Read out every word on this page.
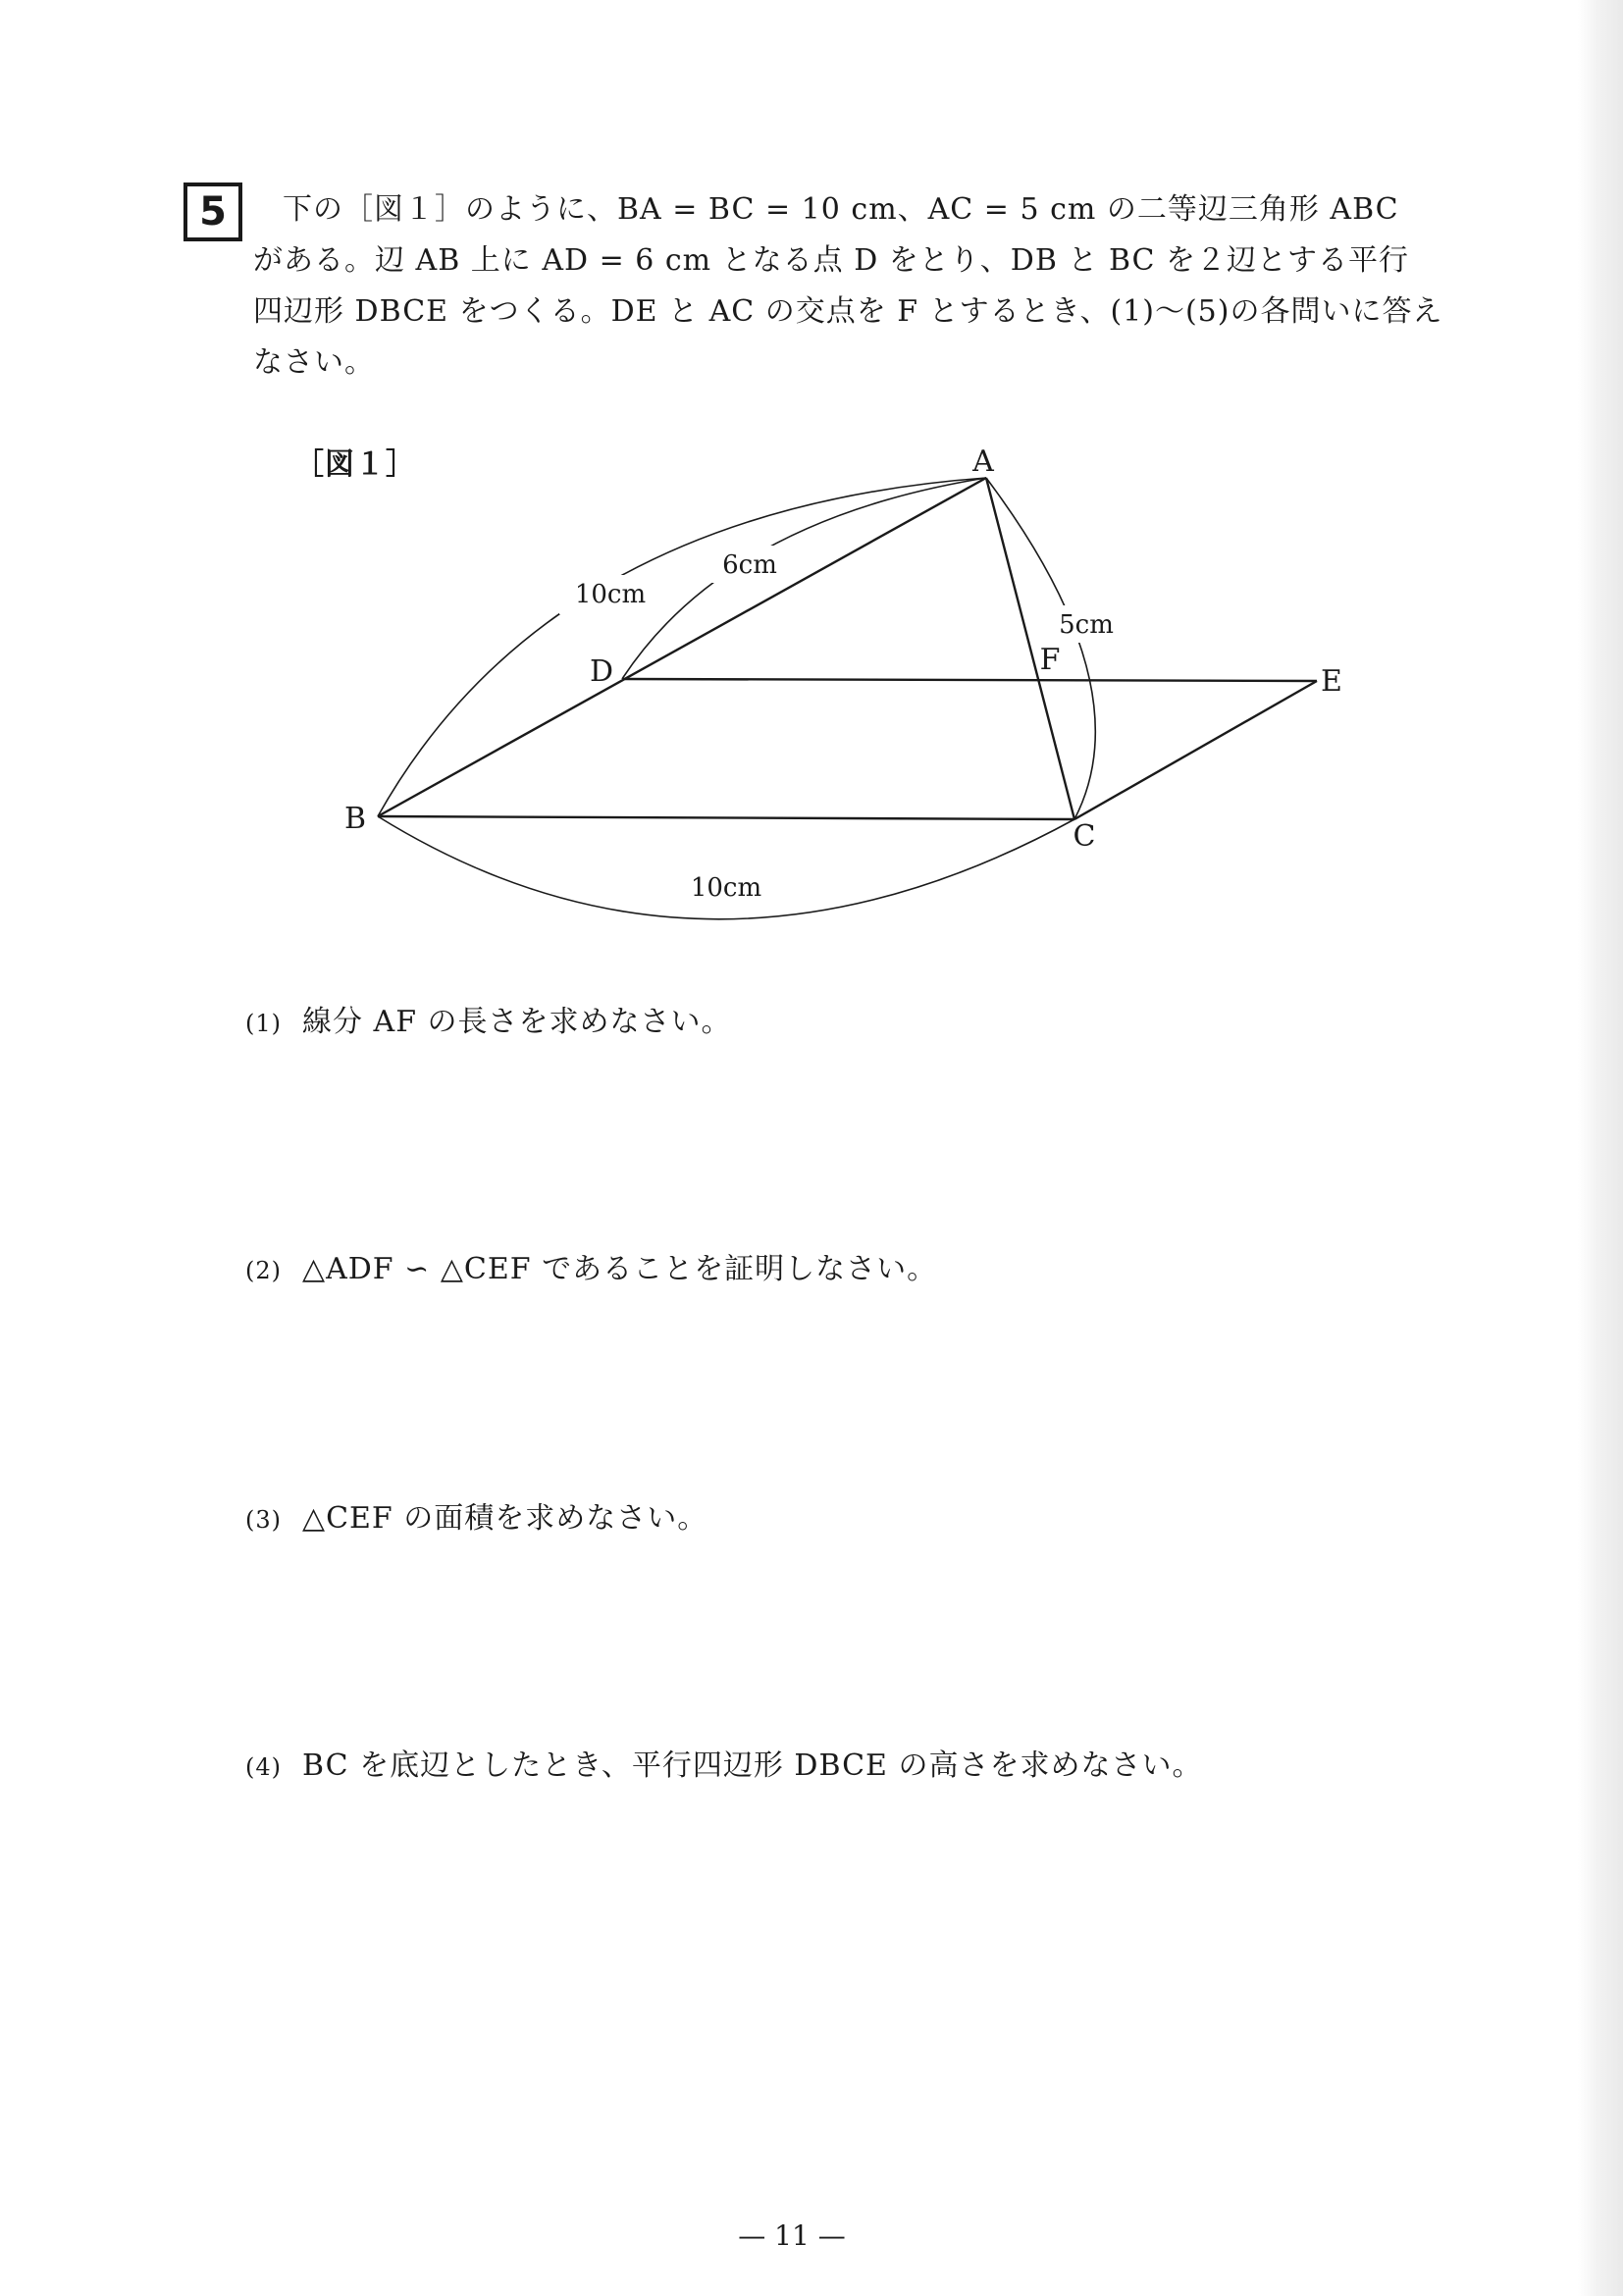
5	下の［図１］のように、BA = BC = 10 cm、AC = 5 cm の二等辺三角形 ABC
がある。辺 AB 上に AD = 6 cm となる点 D をとり、DB と BC を２辺とする平行
四辺形 DBCE をつくる。DE と AC の交点を F とするとき、(1)〜(5)の各問いに答え
なさい。
［図１］
10cm
6cm
5cm
10cm
A
B
C
D	E
F
(1) 線分 AF の長さを求めなさい。
(2) △ADF ∽ △CEF であることを証明しなさい。
(3) △CEF の面積を求めなさい。
(4) BC を底辺としたとき、平行四辺形 DBCE の高さを求めなさい。
— 11 —
